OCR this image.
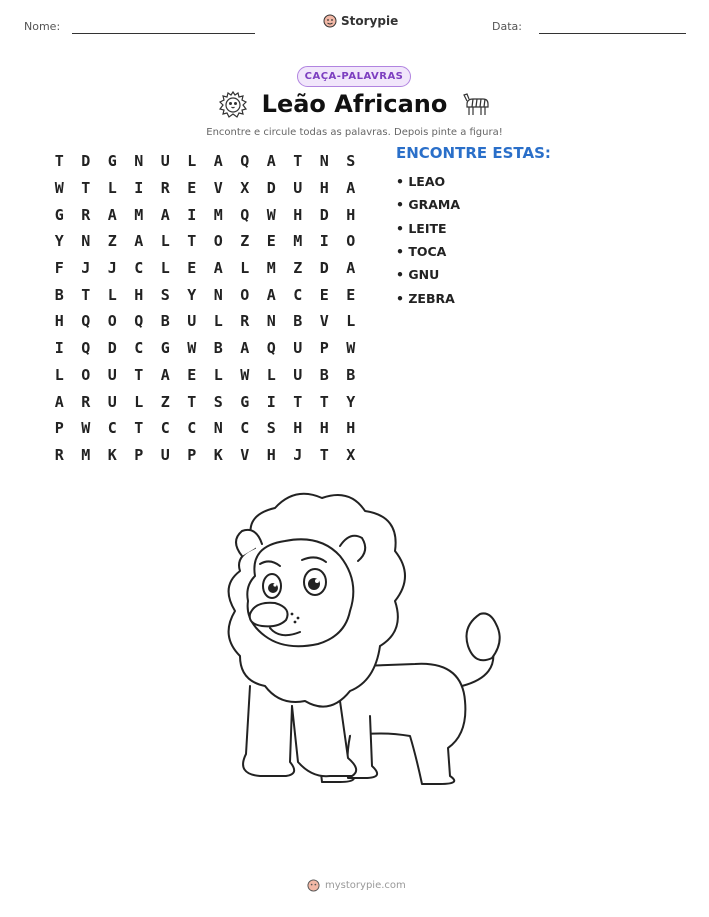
Nome:	Data:
Storypie
CAÇA-PALAVRAS
Leão Africano
Encontre e circule todas as palavras. Depois pinte a figura!
T	D	G	N	U	L	A	Q	A	T	N	S
W	T	L	I	R	E	V	X	D	U	H	A
G	R	A	M	A	I	M	Q	W	H	D	H
Y	N	Z	A	L	T	O	Z	E	M	I	O
F	J	J	C	L	E	A	L	M	Z	D	A
B	T	L	H	S	Y	N	O	A	C	E	E
H	Q	O	Q	B	U	L	R	N	B	V	L
I	Q	D	C	G	W	B	A	Q	U	P	W
L	O	U	T	A	E	L	W	L	U	B	B
A	R	U	L	Z	T	S	G	I	T	T	Y
P	W	C	T	C	C	N	C	S	H	H	H
R	M	K	P	U	P	K	V	H	J	T	X
ENCONTRE ESTAS:
• LEAO
• GRAMA
• LEITE
• TOCA
• GNU
• ZEBRA
mystorypie.com
